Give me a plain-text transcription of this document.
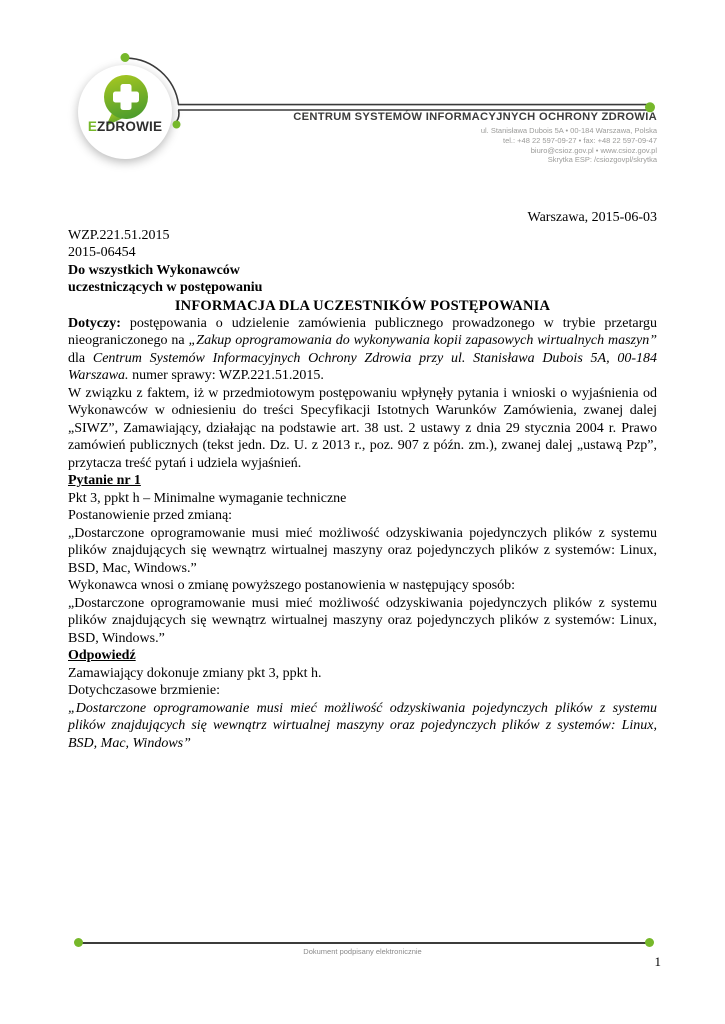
EZDROWIE
CENTRUM SYSTEMÓW INFORMACYJNYCH OCHRONY ZDROWIA
ul. Stanisława Dubois 5A • 00-184 Warszawa, Polska
tel.: +48 22 597-09-27 • fax: +48 22 597-09-47
biuro@csioz.gov.pl • www.csioz.gov.pl
Skrytka ESP: /csiozgovpl/skrytka
Warszawa, 2015-06-03
WZP.221.51.2015
2015-06454
Do wszystkich Wykonawców
uczestniczących w postępowaniu
INFORMACJA DLA UCZESTNIKÓW POSTĘPOWANIA

Dotyczy: postępowania o udzielenie zamówienia publicznego prowadzonego w trybie przetargu nieograniczonego na „Zakup oprogramowania do wykonywania kopii zapasowych wirtualnych maszyn” dla Centrum Systemów Informacyjnych Ochrony Zdrowia przy ul. Stanisława Dubois 5A, 00-184 Warszawa. numer sprawy: WZP.221.51.2015.

W związku z faktem, iż w przedmiotowym postępowaniu wpłynęły pytania i wnioski o wyjaśnienia od Wykonawców w odniesieniu do treści Specyfikacji Istotnych Warunków Zamówienia, zwanej dalej „SIWZ”, Zamawiający, działając na podstawie art. 38 ust. 2 ustawy z dnia 29 stycznia 2004 r. Prawo zamówień publicznych (tekst jedn. Dz. U. z 2013 r., poz. 907 z późn. zm.), zwanej dalej „ustawą Pzp”, przytacza treść pytań i udziela wyjaśnień.

Pytanie nr 1

Pkt 3, ppkt h – Minimalne wymaganie techniczne

Postanowienie przed zmianą:

„Dostarczone oprogramowanie musi mieć możliwość odzyskiwania pojedynczych plików z systemu plików znajdujących się wewnątrz wirtualnej maszyny oraz pojedynczych plików z systemów: Linux, BSD, Mac, Windows.”

Wykonawca wnosi o zmianę powyższego postanowienia w następujący sposób:

„Dostarczone oprogramowanie musi mieć możliwość odzyskiwania pojedynczych plików z systemu plików znajdujących się wewnątrz wirtualnej maszyny oraz pojedynczych plików z systemów: Linux, BSD, Windows.”

Odpowiedź

Zamawiający dokonuje zmiany pkt 3, ppkt h.

Dotychczasowe brzmienie:

„Dostarczone oprogramowanie musi mieć możliwość odzyskiwania pojedynczych plików z systemu plików znajdujących się wewnątrz wirtualnej maszyny oraz pojedynczych plików z systemów: Linux, BSD, Mac, Windows”

Dokument podpisany elektronicznie
1
